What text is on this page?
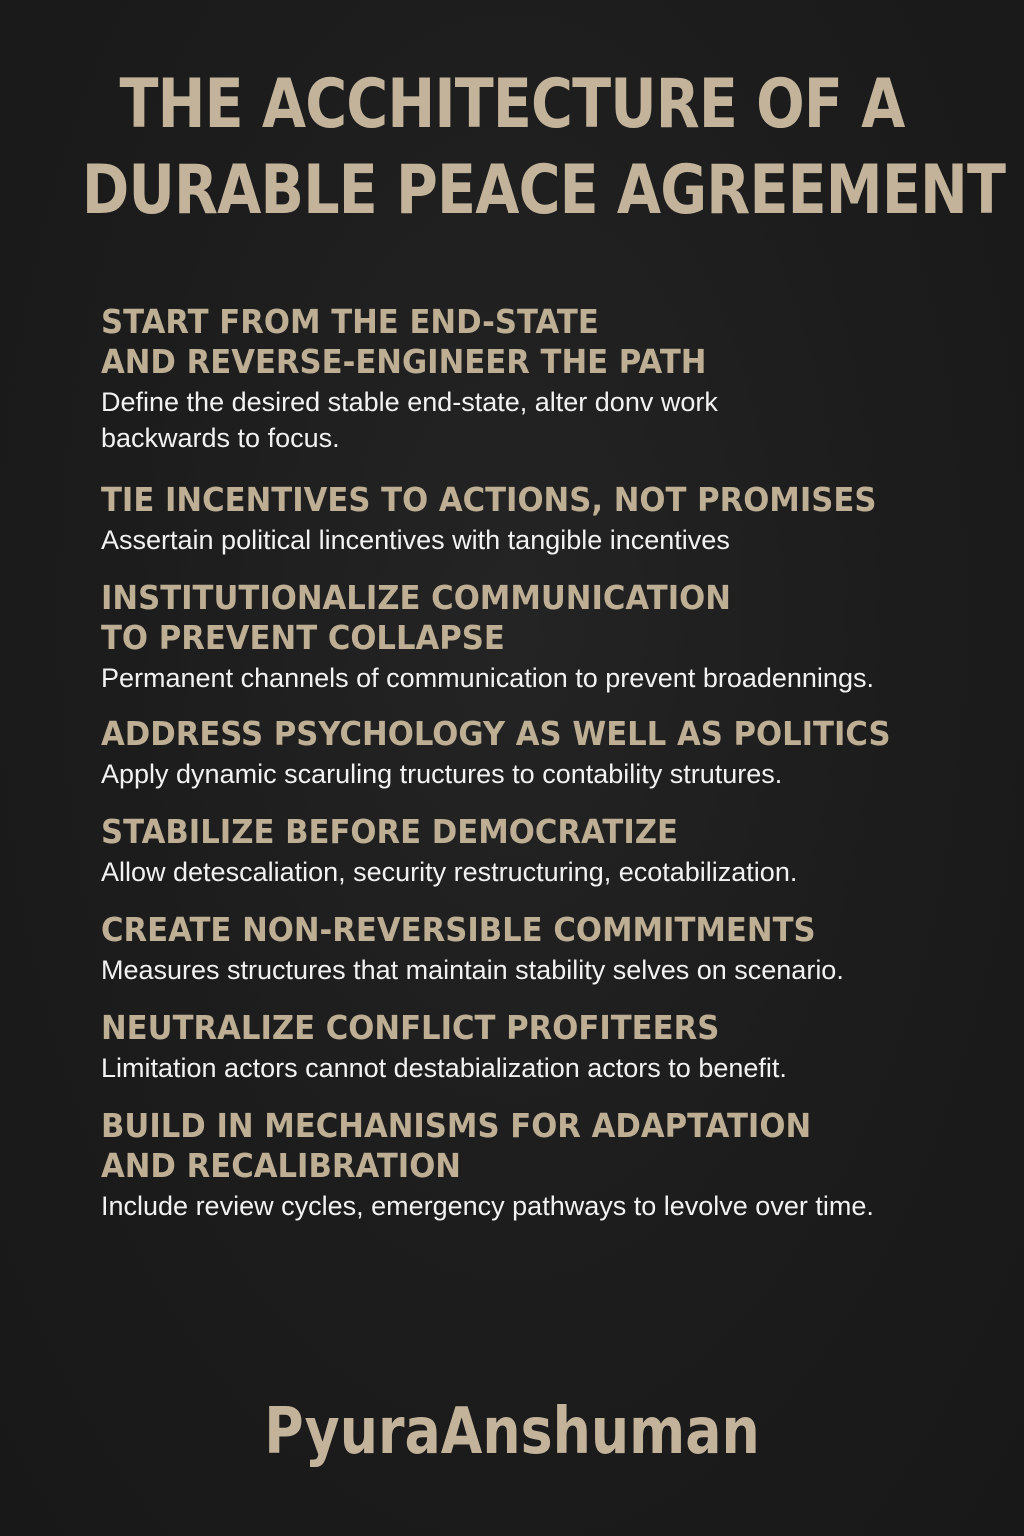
THE ACCHITECTURE OF A
DURABLE PEACE AGREEMENT
START FROM THE END-STATE
AND REVERSE-ENGINEER THE PATH
Define the desired stable end-state, alter donv work
backwards to focus.
TIE INCENTIVES TO ACTIONS, NOT PROMISES
Assertain political lincentives with tangible incentives
INSTITUTIONALIZE COMMUNICATION
TO PREVENT COLLAPSE
Permanent channels of communication to prevent broadennings.
ADDRESS PSYCHOLOGY AS WELL AS POLITICS
Apply dynamic scaruling tructures to contability strutures.
STABILIZE BEFORE DEMOCRATIZE
Allow detescaliation, security restructuring, ecotabilization.
CREATE NON-REVERSIBLE COMMITMENTS
Measures structures that maintain stability selves on scenario.
NEUTRALIZE CONFLICT PROFITEERS
Limitation actors cannot destabialization actors to benefit.
BUILD IN MECHANISMS FOR ADAPTATION
AND RECALIBRATION
Include review cycles, emergency pathways to levolve over time.
PyuraAnshuman
